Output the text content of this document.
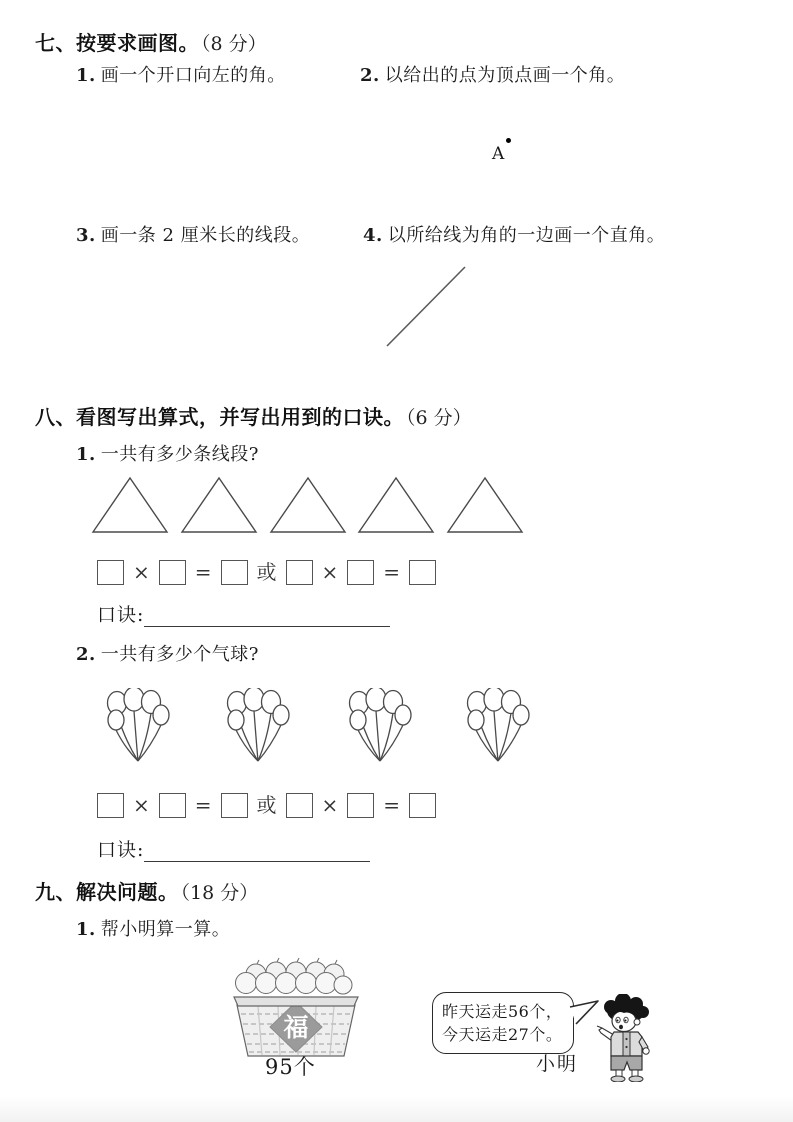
七、按要求画图。 （8 分）
1. 画一个开口向左的角。	2. 以给出的点为顶点画一个角。
A
3. 画一条 2 厘米长的线段。	4. 以所给线为角的一边画一个直角。
八、看图写出算式，并写出用到的口诀。 （6 分）
1. 一共有多少条线段?
× = 或 × =
口诀:
2. 一共有多少个气球?
× = 或 × =
口诀:
九、解决问题。 （18 分）
1. 帮小明算一算。
福
95个
昨天运走56个，
今天运走27个。
小明
